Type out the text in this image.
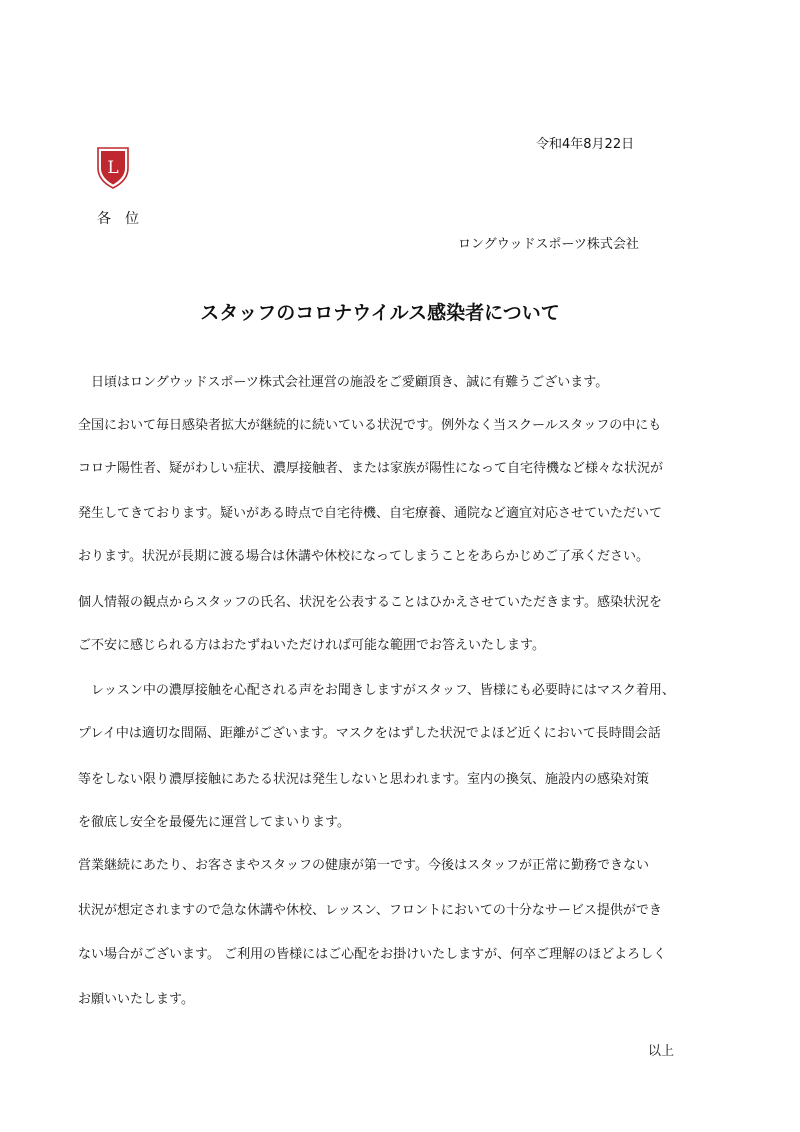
令和4年8月22日
L
各　位
ロングウッドスポーツ株式会社
スタッフのコロナウイルス感染者について
　日頃はロングウッドスポーツ株式会社運営の施設をご愛顧頂き、誠に有難うございます。
全国において毎日感染者拡大が継続的に続いている状況です。例外なく当スクールスタッフの中にも
コロナ陽性者、疑がわしい症状、濃厚接触者、または家族が陽性になって自宅待機など様々な状況が
発生してきております。疑いがある時点で自宅待機、自宅療養、通院など適宜対応させていただいて
おります。状況が長期に渡る場合は休講や休校になってしまうことをあらかじめご了承ください。
個人情報の観点からスタッフの氏名、状況を公表することはひかえさせていただきます。感染状況を
ご不安に感じられる方はおたずねいただければ可能な範囲でお答えいたします。
　レッスン中の濃厚接触を心配される声をお聞きしますがスタッフ、皆様にも必要時にはマスク着用、
プレイ中は適切な間隔、距離がございます。マスクをはずした状況でよほど近くにおいて長時間会話
等をしない限り濃厚接触にあたる状況は発生しないと思われます。室内の換気、施設内の感染対策
を徹底し安全を最優先に運営してまいります。
営業継続にあたり、お客さまやスタッフの健康が第一です。今後はスタッフが正常に勤務できない
状況が想定されますので急な休講や休校、レッスン、フロントにおいての十分なサービス提供ができ
ない場合がございます。 ご利用の皆様にはご心配をお掛けいたしますが、何卒ご理解のほどよろしく
お願いいたします。
以上
